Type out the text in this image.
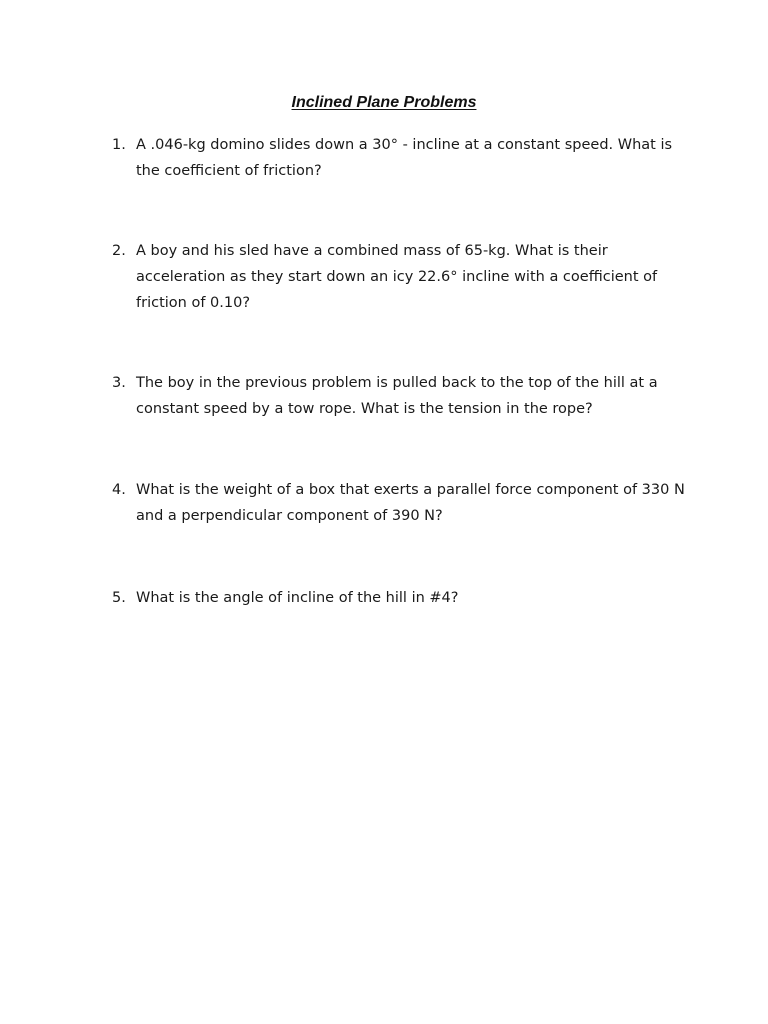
Inclined Plane Problems
1. A .046-kg domino slides down a 30° - incline at a constant speed. What is the coefficient of friction?
2. A boy and his sled have a combined mass of 65-kg. What is their acceleration as they start down an icy 22.6° incline with a coefficient of friction of 0.10?
3. The boy in the previous problem is pulled back to the top of the hill at a constant speed by a tow rope. What is the tension in the rope?
4. What is the weight of a box that exerts a parallel force component of 330 N and a perpendicular component of 390 N?
5. What is the angle of incline of the hill in #4?
